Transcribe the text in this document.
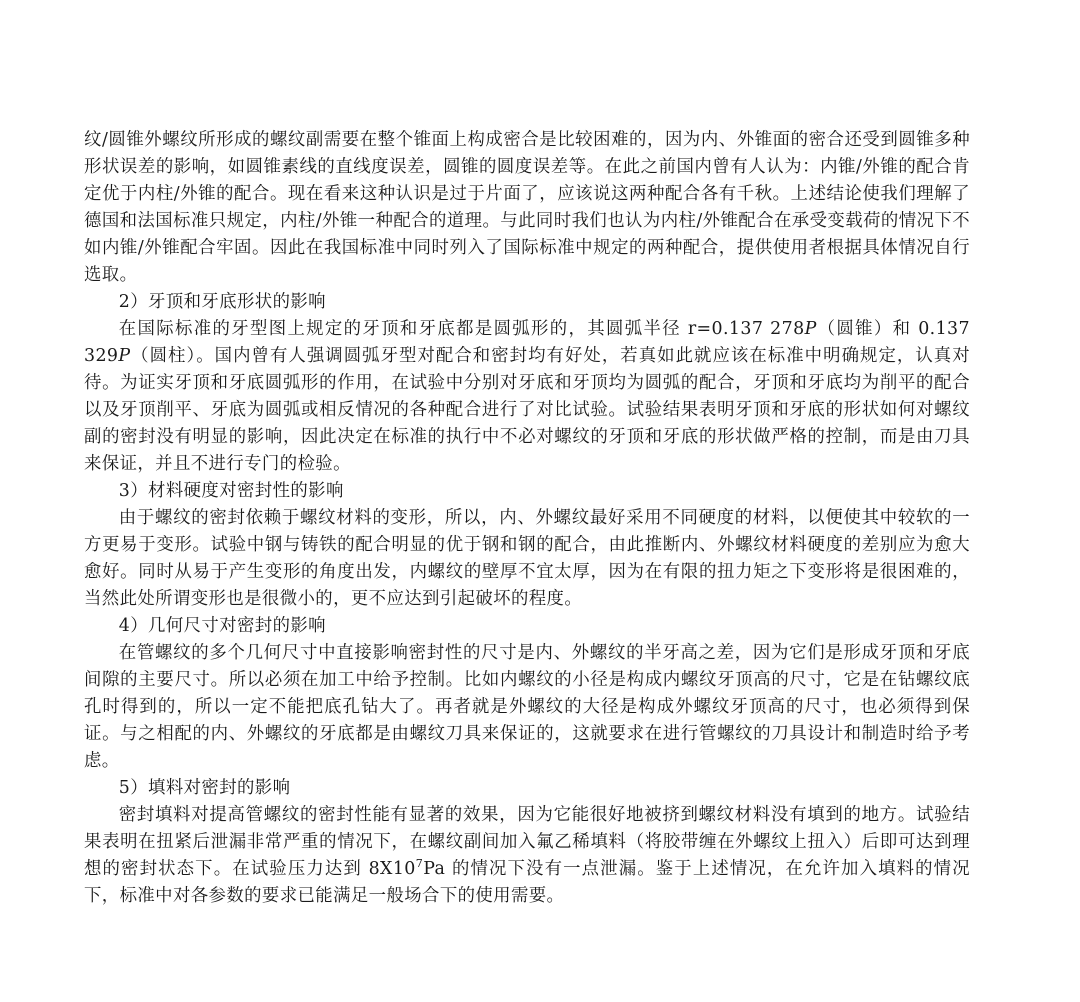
纹/圆锥外螺纹所形成的螺纹副需要在整个锥面上构成密合是比较困难的，因为内、外锥面的密合还受到圆锥多种形状误差的影响，如圆锥素线的直线度误差，圆锥的圆度误差等。在此之前国内曾有人认为：内锥/外锥的配合肯定优于内柱/外锥的配合。现在看来这种认识是过于片面了，应该说这两种配合各有千秋。上述结论使我们理解了德国和法国标准只规定，内柱/外锥一种配合的道理。与此同时我们也认为内柱/外锥配合在承受变载荷的情况下不如内锥/外锥配合牢固。因此在我国标准中同时列入了国际标准中规定的两种配合，提供使用者根据具体情况自行选取。

2）牙顶和牙底形状的影响

在国际标准的牙型图上规定的牙顶和牙底都是圆弧形的，其圆弧半径 r=0.137 278P（圆锥）和 0.137 329P（圆柱）。国内曾有人强调圆弧牙型对配合和密封均有好处，若真如此就应该在标准中明确规定，认真对待。为证实牙顶和牙底圆弧形的作用，在试验中分别对牙底和牙顶均为圆弧的配合，牙顶和牙底均为削平的配合以及牙顶削平、牙底为圆弧或相反情况的各种配合进行了对比试验。试验结果表明牙顶和牙底的形状如何对螺纹副的密封没有明显的影响，因此决定在标准的执行中不必对螺纹的牙顶和牙底的形状做严格的控制，而是由刀具来保证，并且不进行专门的检验。

3）材料硬度对密封性的影响

由于螺纹的密封依赖于螺纹材料的变形，所以，内、外螺纹最好采用不同硬度的材料，以便使其中较软的一方更易于变形。试验中钢与铸铁的配合明显的优于钢和钢的配合，由此推断内、外螺纹材料硬度的差别应为愈大愈好。同时从易于产生变形的角度出发，内螺纹的壁厚不宜太厚，因为在有限的扭力矩之下变形将是很困难的，当然此处所谓变形也是很微小的，更不应达到引起破坏的程度。

4）几何尺寸对密封的影响

在管螺纹的多个几何尺寸中直接影响密封性的尺寸是内、外螺纹的半牙高之差，因为它们是形成牙顶和牙底间隙的主要尺寸。所以必须在加工中给予控制。比如内螺纹的小径是构成内螺纹牙顶高的尺寸，它是在钻螺纹底孔时得到的，所以一定不能把底孔钻大了。再者就是外螺纹的大径是构成外螺纹牙顶高的尺寸，也必须得到保证。与之相配的内、外螺纹的牙底都是由螺纹刀具来保证的，这就要求在进行管螺纹的刀具设计和制造时给予考虑。

5）填料对密封的影响

密封填料对提高管螺纹的密封性能有显著的效果，因为它能很好地被挤到螺纹材料没有填到的地方。试验结果表明在扭紧后泄漏非常严重的情况下，在螺纹副间加入氟乙稀填料（将胶带缠在外螺纹上扭入）后即可达到理想的密封状态下。在试验压力达到 $8X10^7Pa$ 的情况下没有一点泄漏。鉴于上述情况，在允许加入填料的情况下，标准中对各参数的要求已能满足一般场合下的使用需要。
